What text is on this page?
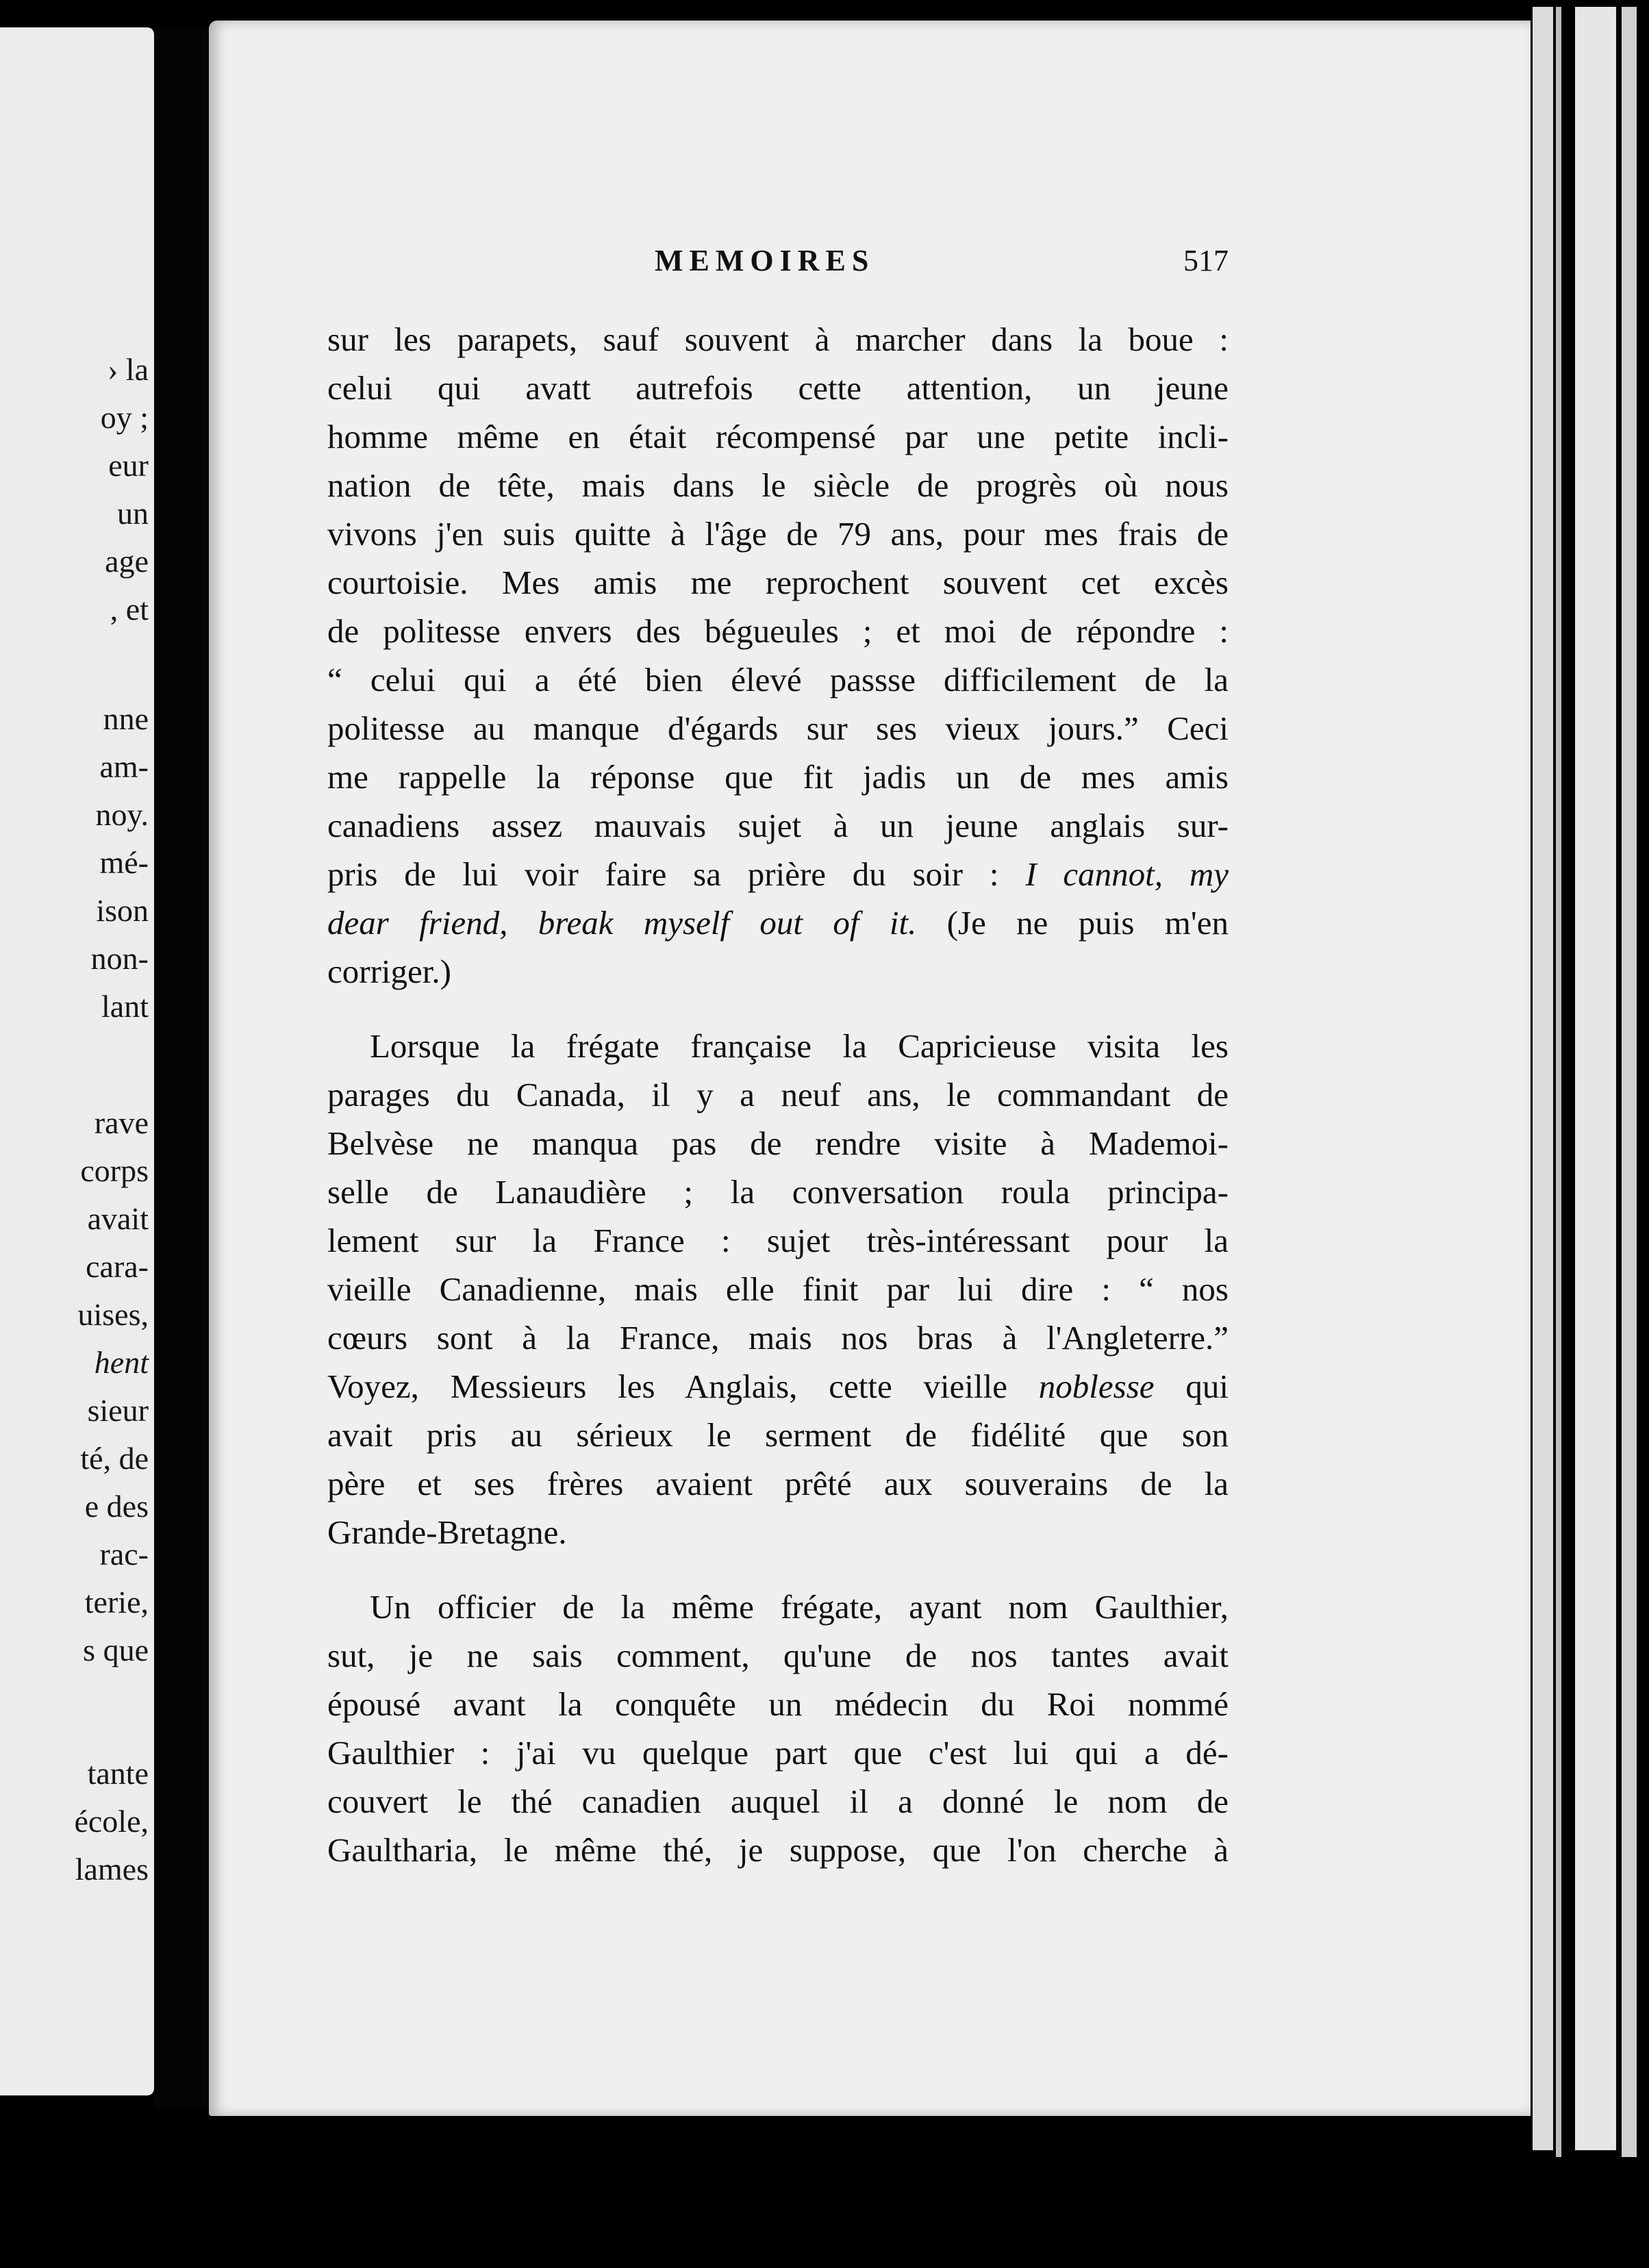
› la
oy ;
eur
un
age
, et
nne
am-
noy.
mé-
ison
non-
lant
rave
corps
avait
cara-
uises,
hent
sieur
té, de
e des
rac-
terie,
s que
tante
école,
lames
MEMOIRES	517
sur les parapets, sauf souvent à marcher dans la boue :
celui qui avatt autrefois cette attention, un jeune
homme même en était récompensé par une petite incli-
nation de tête, mais dans le siècle de progrès où nous
vivons j'en suis quitte à l'âge de 79 ans, pour mes frais de
courtoisie. Mes amis me reprochent souvent cet excès
de politesse envers des bégueules ; et moi de répondre :
“ celui qui a été bien élevé passse difficilement de la
politesse au manque d'égards sur ses vieux jours.” Ceci
me rappelle la réponse que fit jadis un de mes amis
canadiens assez mauvais sujet à un jeune anglais sur-
pris de lui voir faire sa prière du soir : I cannot, my
dear friend, break myself out of it. (Je ne puis m'en
corriger.)
Lorsque la frégate française la Capricieuse visita les
parages du Canada, il y a neuf ans, le commandant de
Belvèse ne manqua pas de rendre visite à Mademoi-
selle de Lanaudière ; la conversation roula principa-
lement sur la France : sujet très-intéressant pour la
vieille Canadienne, mais elle finit par lui dire : “ nos
cœurs sont à la France, mais nos bras à l'Angleterre.”
Voyez, Messieurs les Anglais, cette vieille noblesse qui
avait pris au sérieux le serment de fidélité que son
père et ses frères avaient prêté aux souverains de la
Grande-Bretagne.
Un officier de la même frégate, ayant nom Gaulthier,
sut, je ne sais comment, qu'une de nos tantes avait
épousé avant la conquête un médecin du Roi nommé
Gaulthier : j'ai vu quelque part que c'est lui qui a dé-
couvert le thé canadien auquel il a donné le nom de
Gaultharia, le même thé, je suppose, que l'on cherche à
